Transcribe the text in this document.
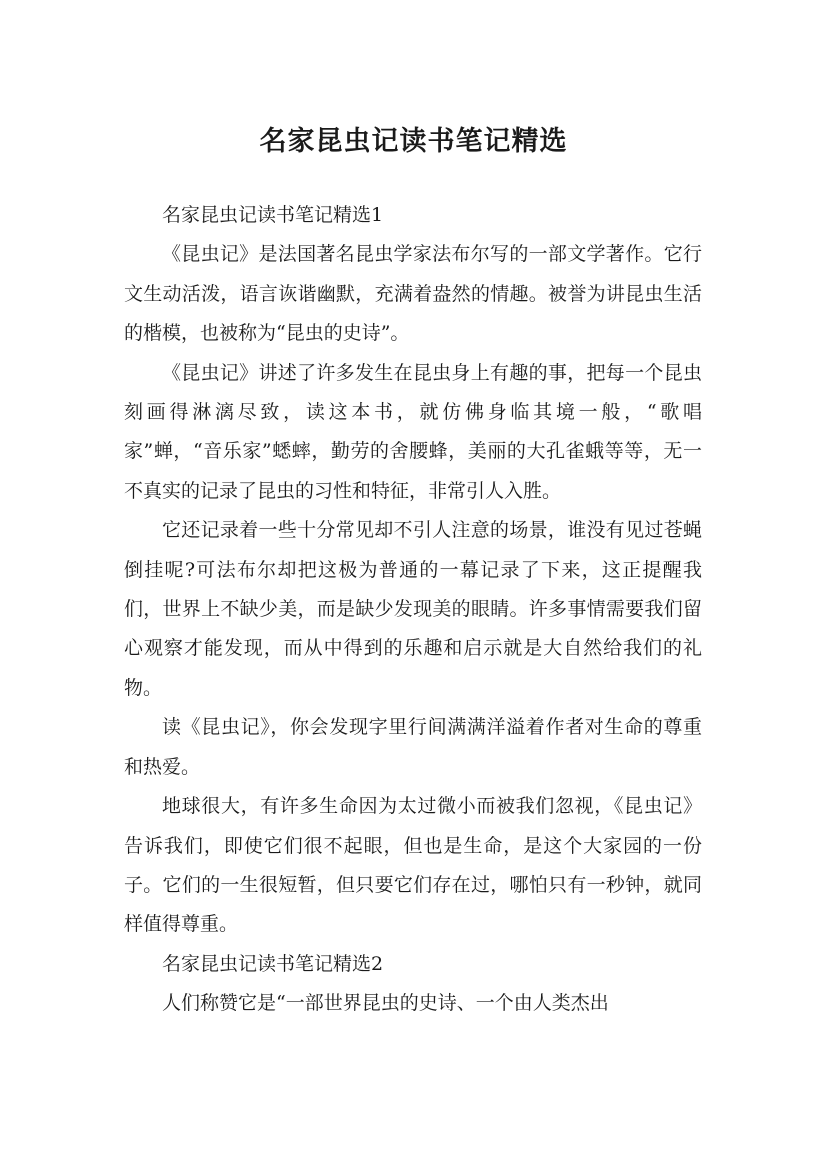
名家昆虫记读书笔记精选

名家昆虫记读书笔记精选1

《昆虫记》是法国著名昆虫学家法布尔写的一部文学著作。它行文生动活泼，语言诙谐幽默，充满着盎然的情趣。被誉为讲昆虫生活的楷模，也被称为“昆虫的史诗”。

《昆虫记》讲述了许多发生在昆虫身上有趣的事，把每一个昆虫刻画得淋漓尽致，读这本书，就仿佛身临其境一般，“歌唱家”蝉，“音乐家”蟋蟀，勤劳的舍腰蜂，美丽的大孔雀蛾等等，无一不真实的记录了昆虫的习性和特征，非常引人入胜。

它还记录着一些十分常见却不引人注意的场景，谁没有见过苍蝇倒挂呢?可法布尔却把这极为普通的一幕记录了下来，这正提醒我们，世界上不缺少美，而是缺少发现美的眼睛。许多事情需要我们留心观察才能发现，而从中得到的乐趣和启示就是大自然给我们的礼物。

读《昆虫记》，你会发现字里行间满满洋溢着作者对生命的尊重和热爱。

地球很大，有许多生命因为太过微小而被我们忽视，《昆虫记》告诉我们，即使它们很不起眼，但也是生命，是这个大家园的一份子。它们的一生很短暂，但只要它们存在过，哪怕只有一秒钟，就同样值得尊重。

名家昆虫记读书笔记精选2

人们称赞它是“一部世界昆虫的史诗、一个由人类杰出
